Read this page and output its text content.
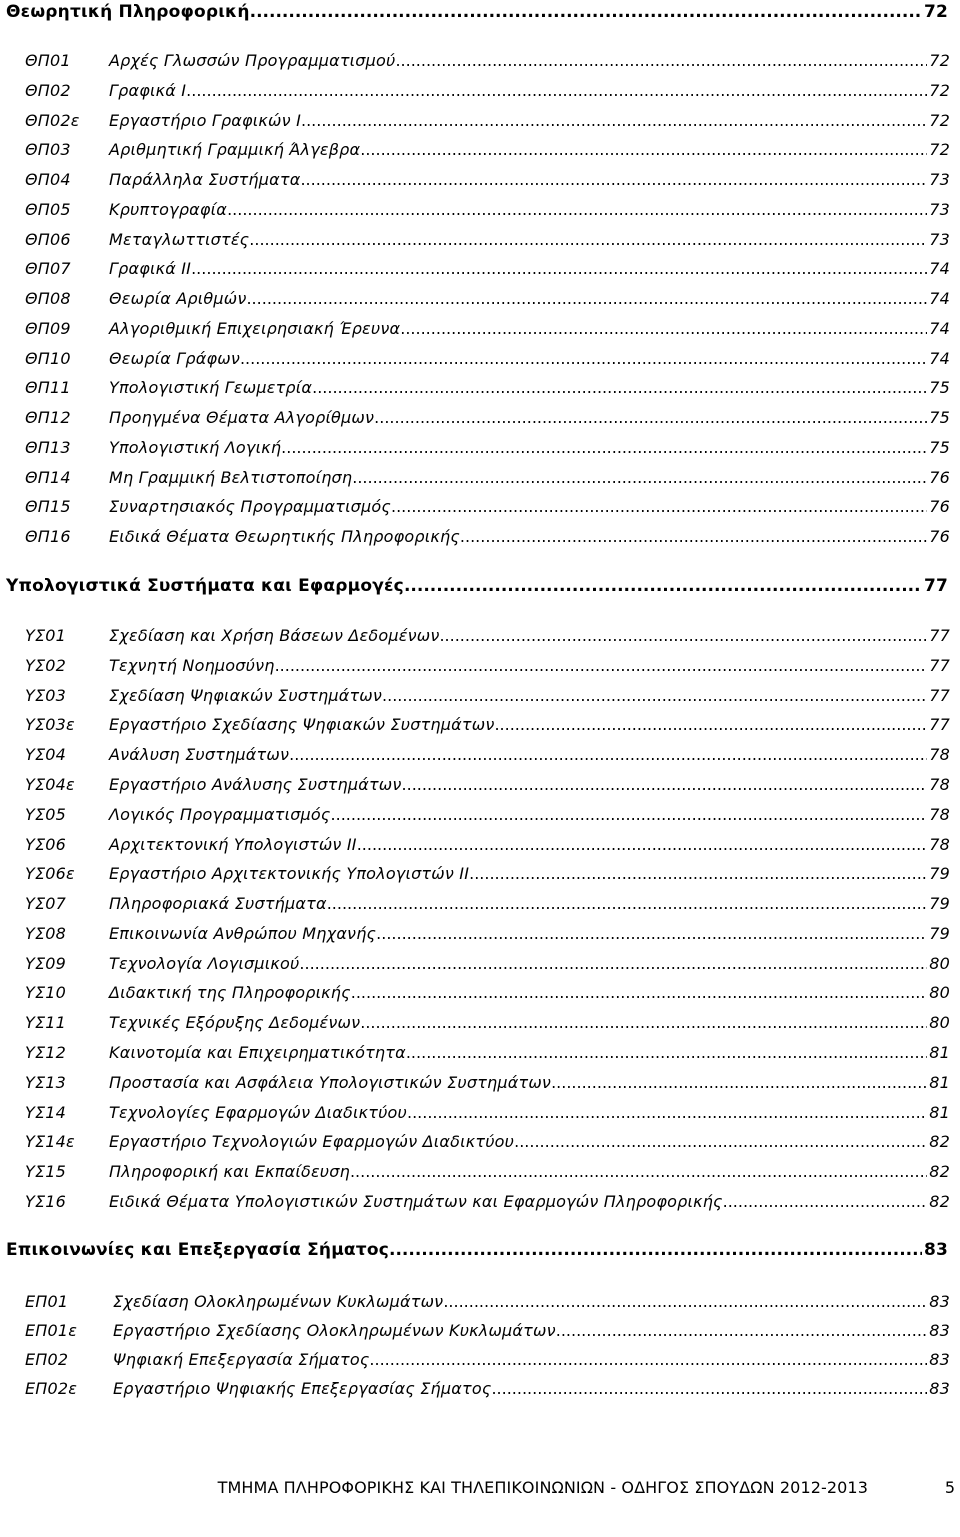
Θεωρητική Πληροφορική .....	72
ΘΠ01	Αρχές Γλωσσών Προγραμματισμού .....	72
ΘΠ02	Γραφικά Ι .....	72
ΘΠ02ε	Εργαστήριο Γραφικών Ι .....	72
ΘΠ03	Αριθμητική Γραμμική Άλγεβρα .....	72
ΘΠ04	Παράλληλα Συστήματα .....	73
ΘΠ05	Κρυπτογραφία .....	73
ΘΠ06	Μεταγλωττιστές .....	73
ΘΠ07	Γραφικά ΙΙ .....	74
ΘΠ08	Θεωρία Αριθμών .....	74
ΘΠ09	Αλγοριθμική Επιχειρησιακή Έρευνα .....	74
ΘΠ10	Θεωρία Γράφων .....	74
ΘΠ11	Υπολογιστική Γεωμετρία .....	75
ΘΠ12	Προηγμένα Θέματα Αλγορίθμων .....	75
ΘΠ13	Υπολογιστική Λογική .....	75
ΘΠ14	Μη Γραμμική Βελτιστοποίηση .....	76
ΘΠ15	Συναρτησιακός Προγραμματισμός .....	76
ΘΠ16	Ειδικά Θέματα Θεωρητικής Πληροφορικής .....	76
Υπολογιστικά Συστήματα και Εφαρμογές .....	77
ΥΣ01	Σχεδίαση και Χρήση Βάσεων Δεδομένων .....	77
ΥΣ02	Τεχνητή Νοημοσύνη .....	77
ΥΣ03	Σχεδίαση Ψηφιακών Συστημάτων .....	77
ΥΣ03ε	Εργαστήριο Σχεδίασης Ψηφιακών Συστημάτων .....	77
ΥΣ04	Ανάλυση Συστημάτων .....	78
ΥΣ04ε	Εργαστήριο Ανάλυσης Συστημάτων .....	78
ΥΣ05	Λογικός Προγραμματισμός .....	78
ΥΣ06	Αρχιτεκτονική Υπολογιστών ΙΙ .....	78
ΥΣ06ε	Εργαστήριο Αρχιτεκτονικής Υπολογιστών ΙΙ .....	79
ΥΣ07	Πληροφοριακά Συστήματα .....	79
ΥΣ08	Επικοινωνία Ανθρώπου Μηχανής .....	79
ΥΣ09	Τεχνολογία Λογισμικού .....	80
ΥΣ10	Διδακτική της Πληροφορικής .....	80
ΥΣ11	Τεχνικές Εξόρυξης Δεδομένων .....	80
ΥΣ12	Καινοτομία και Επιχειρηματικότητα .....	81
ΥΣ13	Προστασία και Ασφάλεια Υπολογιστικών Συστημάτων .....	81
ΥΣ14	Τεχνολογίες Εφαρμογών Διαδικτύου .....	81
ΥΣ14ε	Εργαστήριο Τεχνολογιών Εφαρμογών Διαδικτύου .....	82
ΥΣ15	Πληροφορική και Εκπαίδευση .....	82
ΥΣ16	Ειδικά Θέματα Υπολογιστικών Συστημάτων και Εφαρμογών Πληροφορικής .....	82
Επικοινωνίες και Επεξεργασία Σήματος .....	83
ΕΠ01	Σχεδίαση Ολοκληρωμένων Κυκλωμάτων .....	83
ΕΠ01ε	Εργαστήριο Σχεδίασης Ολοκληρωμένων Κυκλωμάτων .....	83
ΕΠ02	Ψηφιακή Επεξεργασία Σήματος .....	83
ΕΠ02ε	Εργαστήριο Ψηφιακής Επεξεργασίας Σήματος .....	83
ΤΜΗΜΑ ΠΛΗΡΟΦΟΡΙΚΗΣ ΚΑΙ ΤΗΛΕΠΙΚΟΙΝΩΝΙΩΝ - ΟΔΗΓΟΣ ΣΠΟΥΔΩΝ 2012-2013	5
